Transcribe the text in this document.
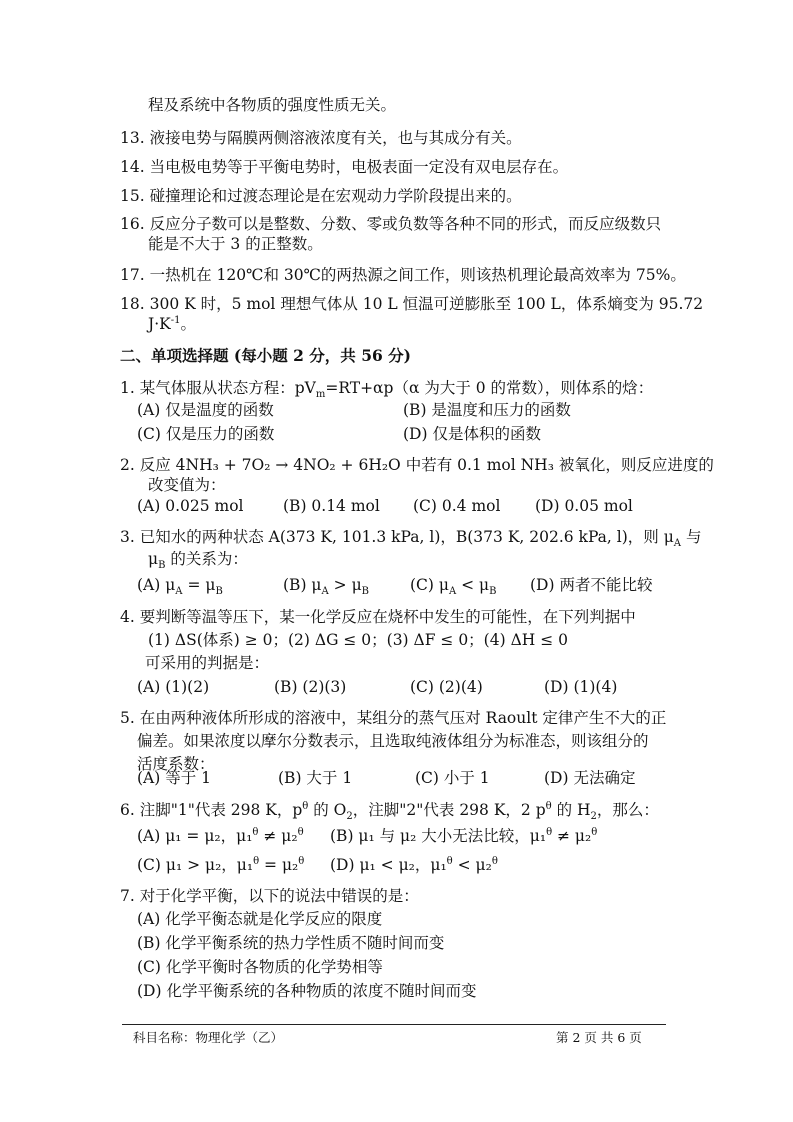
程及系统中各物质的强度性质无关。
13. 液接电势与隔膜两侧溶液浓度有关，也与其成分有关。
14. 当电极电势等于平衡电势时，电极表面一定没有双电层存在。
15. 碰撞理论和过渡态理论是在宏观动力学阶段提出来的。
16. 反应分子数可以是整数、分数、零或负数等各种不同的形式，而反应级数只
能是不大于 3 的正整数。
17. 一热机在 120℃和 30℃的两热源之间工作，则该热机理论最高效率为 75%。
18. 300 K 时，5 mol 理想气体从 10 L 恒温可逆膨胀至 100 L，体系熵变为 95.72
$J\cdot K^{-1}$。
二、单项选择题 (每小题 2 分，共 56 分)
1. 某气体服从状态方程：$pV_m=RT+\alpha p(\alpha$ 为大于 0 的常数），则体系的焓：
(A) 仅是温度的函数	(B) 是温度和压力的函数
(C) 仅是压力的函数	(D) 仅是体积的函数
2. 反应 4NH₃ + 7O₂ → 4NO₂ + 6H₂O 中若有 0.1 mol NH₃ 被氧化，则反应进度的
改变值为：
(A) 0.025 mol	(B) 0.14 mol (C) 0.4 mol (D) 0.05 mol
3. 已知水的两种状态 A(373 K, 101.3 kPa, l)，B(373 K, 202.6 kPa, l)，则 $\mu_A$ 与
$\mu_B$ 的关系为：
(A) $\mu_A = \mu_B$	(B) $\mu_A > \mu_B$	(C) $\mu_A < \mu_B$ (D) 两者不能比较
4. 要判断等温等压下，某一化学反应在烧杯中发生的可能性，在下列判据中
(1) ΔS(体系) ≥ 0；(2) ΔG ≤ 0；(3) ΔF ≤ 0；(4) ΔH ≤ 0
可采用的判据是：
(A) (1)(2)	(B) (2)(3)	(C) (2)(4)	(D) (1)(4)
5. 在由两种液体所形成的溶液中，某组分的蒸气压对 Raoult 定律产生不大的正
偏差。如果浓度以摩尔分数表示，且选取纯液体组分为标准态，则该组分的
活度系数：
(A) 等于 1	(B) 大于 1	(C) 小于 1	(D) 无法确定
6. 注脚"1"代表 298 K，$p^\theta$ 的 $O_2$，注脚"2"代表 298 K，2 $p^\theta$ 的 $H_2$，那么：
(A) μ₁ = μ₂，μ₁$^\theta$ ≠ μ₂$^\theta$ (B) μ₁ 与 μ₂ 大小无法比较，μ₁$^\theta$ ≠ μ₂$^\theta$
(C) μ₁ > μ₂，μ₁$^\theta$ = μ₂$^\theta$ (D) μ₁ < μ₂，μ₁$^\theta$ < μ₂$^\theta$
7. 对于化学平衡，以下的说法中错误的是：
(A) 化学平衡态就是化学反应的限度
(B) 化学平衡系统的热力学性质不随时间而变
(C) 化学平衡时各物质的化学势相等
(D) 化学平衡系统的各种物质的浓度不随时间而变
科目名称：物理化学（乙）	第 2 页 共 6 页
